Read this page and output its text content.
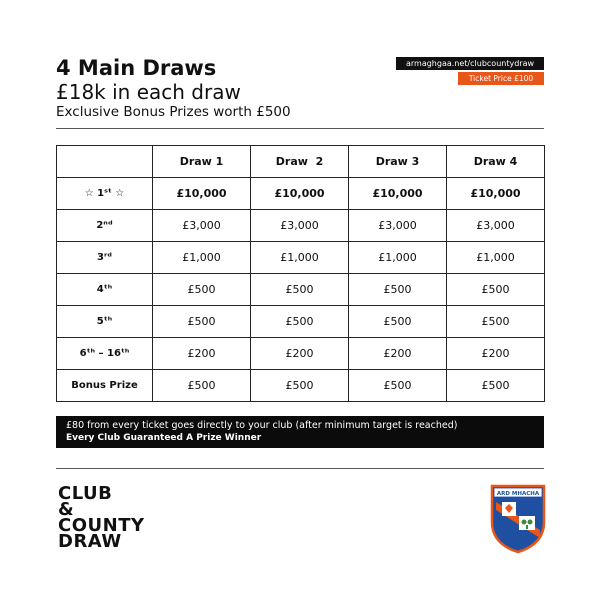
4 Main Draws
£18k in each draw
Exclusive Bonus Prizes worth £500
armaghgaa.net/clubcountydraw
Ticket Price £100
	Draw 1	Draw  2	Draw 3	Draw 4
☆ 1ˢᵗ ☆	£10,000	£10,000	£10,000	£10,000
2ⁿᵈ	£3,000	£3,000	£3,000	£3,000
3ʳᵈ	£1,000	£1,000	£1,000	£1,000
4ᵗʰ	£500	£500	£500	£500
5ᵗʰ	£500	£500	£500	£500
6ᵗʰ – 16ᵗʰ	£200	£200	£200	£200
Bonus Prize	£500	£500	£500	£500
£80 from every ticket goes directly to your club (after minimum target is reached)
Every Club Guaranteed A Prize Winner
CLUB
&
COUNTY
DRAW
ARD MHACHA
